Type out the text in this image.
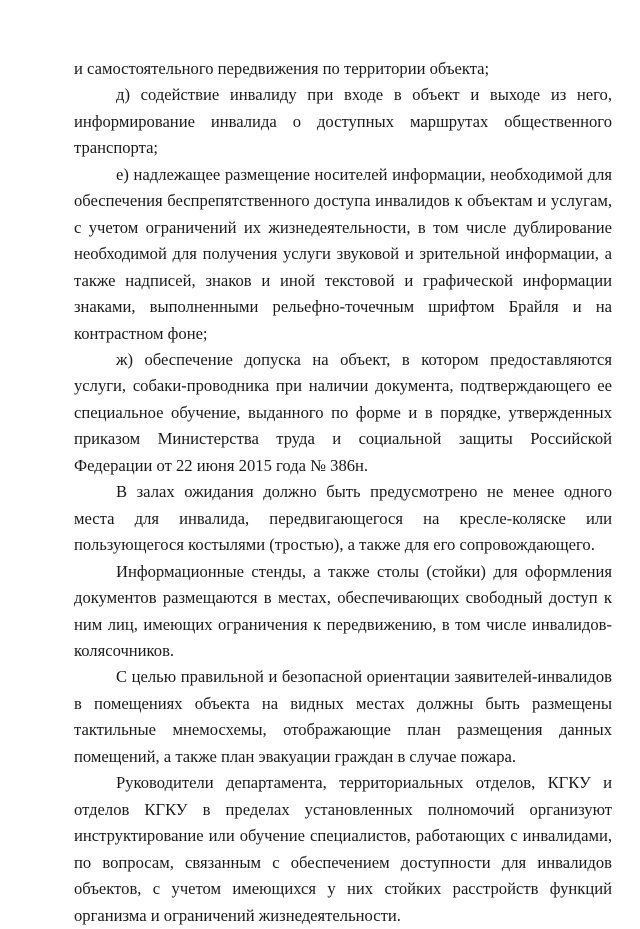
и самостоятельного передвижения по территории объекта;

д) содействие инвалиду при входе в объект и выходе из него, информирование инвалида о доступных маршрутах общественного транспорта;

е) надлежащее размещение носителей информации, необходимой для обеспечения беспрепятственного доступа инвалидов к объектам и услугам, с учетом ограничений их жизнедеятельности, в том числе дублирование необходимой для получения услуги звуковой и зрительной информации, а также надписей, знаков и иной текстовой и графической информации знаками, выполненными рельефно-точечным шрифтом Брайля и на контрастном фоне;

ж) обеспечение допуска на объект, в котором предоставляются услуги, собаки-проводника при наличии документа, подтверждающего ее специальное обучение, выданного по форме и в порядке, утвержденных приказом Министерства труда и социальной защиты Российской Федерации от 22 июня 2015 года № 386н.

В залах ожидания должно быть предусмотрено не менее одного места для инвалида, передвигающегося на кресле-коляске или пользующегося костылями (тростью), а также для его сопровождающего.

Информационные стенды, а также столы (стойки) для оформления документов размещаются в местах, обеспечивающих свободный доступ к ним лиц, имеющих ограничения к передвижению, в том числе инвалидов-колясочников.

С целью правильной и безопасной ориентации заявителей-инвалидов в помещениях объекта на видных местах должны быть размещены тактильные мнемосхемы, отображающие план размещения данных помещений, а также план эвакуации граждан в случае пожара.

Руководители департамента, территориальных отделов, КГКУ и отделов КГКУ в пределах установленных полномочий организуют инструктирование или обучение специалистов, работающих с инвалидами, по вопросам, связанным с обеспечением доступности для инвалидов объектов, с учетом имеющихся у них стойких расстройств функций организма и ограничений жизнедеятельности.
